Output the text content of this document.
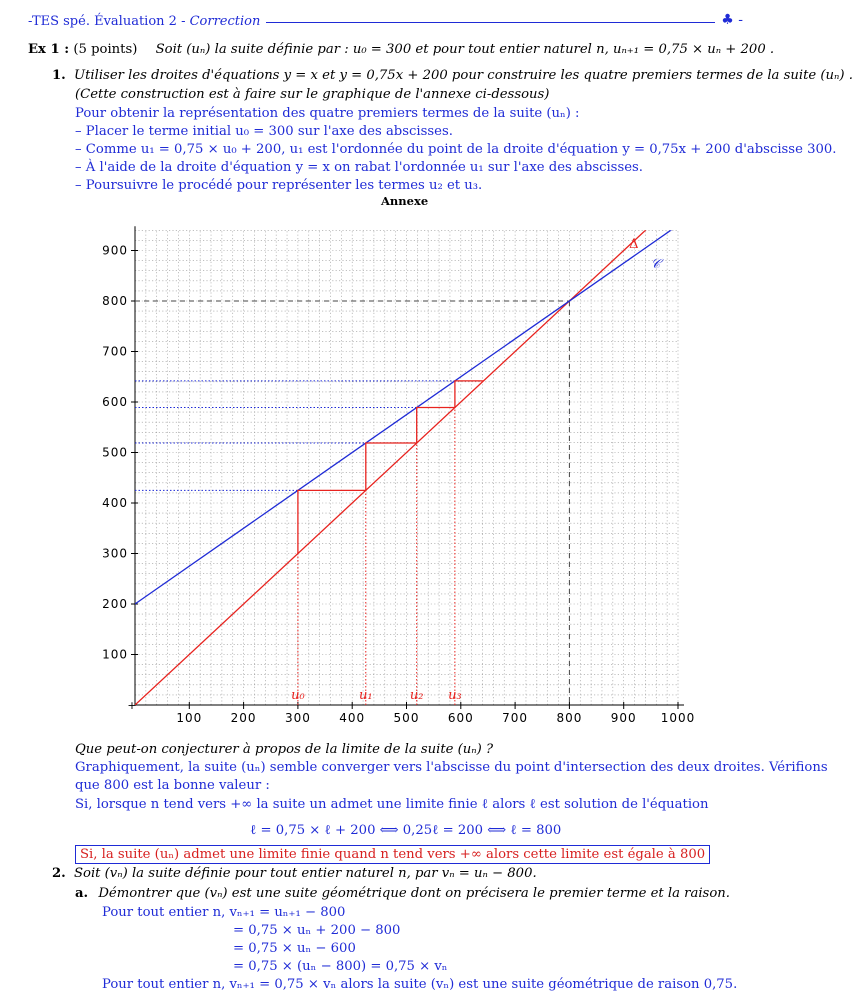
-TES spé. Évaluation 2 - Correction	♣ -
Ex 1 : (5 points) Soit (uₙ) la suite définie par : u₀ = 300 et pour tout entier naturel n, uₙ₊₁ = 0,75 × uₙ + 200 .
1. Utiliser les droites d'équations y = x et y = 0,75x + 200 pour construire les quatre premiers termes de la suite (uₙ) .
(Cette construction est à faire sur le graphique de l'annexe ci-dessous)
Pour obtenir la représentation des quatre premiers termes de la suite (uₙ) :
– Placer le terme initial u₀ = 300 sur l'axe des abscisses.
– Comme u₁ = 0,75 × u₀ + 200, u₁ est l'ordonnée du point de la droite d'équation y = 0,75x + 200 d'abscisse 300.
– À l'aide de la droite d'équation y = x on rabat l'ordonnée u₁ sur l'axe des abscisses.
– Poursuivre le procédé pour représenter les termes u₂ et u₃.
Annexe
+
100 200 300 400 500 600 700 800 900 1000
100
200
300
400
500
600
700
800
900	Δ
𝒞
u₀	u₁	u₂ u₃
Que peut-on conjecturer à propos de la limite de la suite (uₙ) ?
Graphiquement, la suite (uₙ) semble converger vers l'abscisse du point d'intersection des deux droites. Vérifions
que 800 est la bonne valeur :
Si, lorsque n tend vers +∞ la suite un admet une limite finie ℓ alors ℓ est solution de l'équation
ℓ = 0,75 × ℓ + 200 ⟺ 0,25ℓ = 200 ⟺ ℓ = 800
Si, la suite (uₙ) admet une limite finie quand n tend vers +∞ alors cette limite est égale à 800
2. Soit (vₙ) la suite définie pour tout entier naturel n, par vₙ = uₙ − 800.
a. Démontrer que (vₙ) est une suite géométrique dont on précisera le premier terme et la raison.
Pour tout entier n, vₙ₊₁ = uₙ₊₁ − 800
= 0,75 × uₙ + 200 − 800
= 0,75 × uₙ − 600
= 0,75 × (uₙ − 800) = 0,75 × vₙ
Pour tout entier n, vₙ₊₁ = 0,75 × vₙ alors la suite (vₙ) est une suite géométrique de raison 0,75.
